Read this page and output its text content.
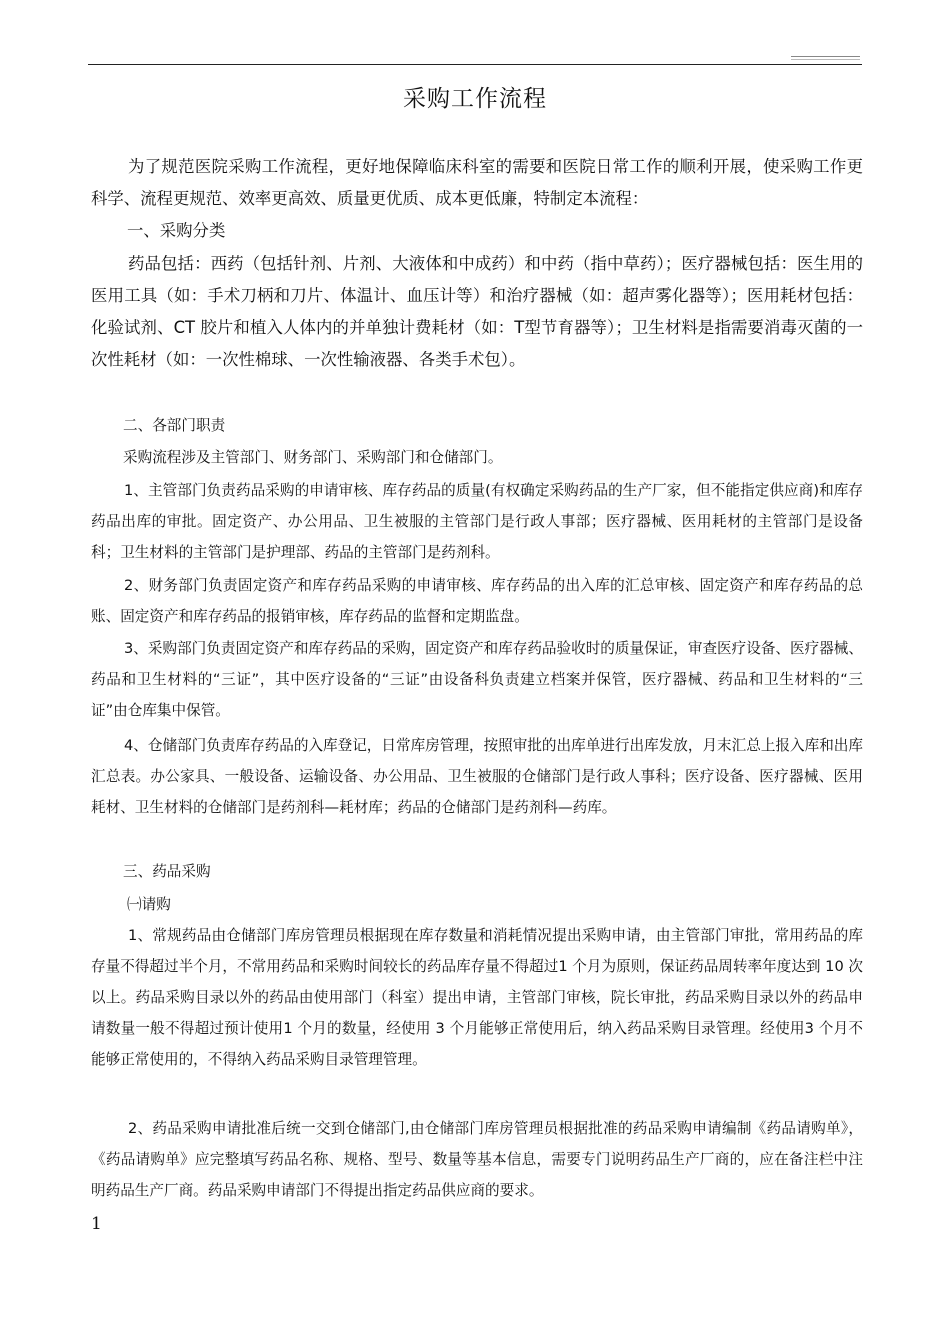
采购工作流程

为了规范医院采购工作流程，更好地保障临床科室的需要和医院日常工作的顺利开展，使采购工作更科学、流程更规范、效率更高效、质量更优质、成本更低廉，特制定本流程：

一、采购分类

药品包括：西药（包括针剂、片剂、大液体和中成药）和中药（指中草药）；医疗器械包括：医生用的医用工具（如：手术刀柄和刀片、体温计、血压计等）和治疗器械（如：超声雾化器等）；医用耗材包括：化验试剂、CT 胶片和植入人体内的并单独计费耗材（如：T型节育器等）；卫生材料是指需要消毒灭菌的一次性耗材（如：一次性棉球、一次性输液器、各类手术包）。

二、各部门职责

采购流程涉及主管部门、财务部门、采购部门和仓储部门。

1、主管部门负责药品采购的申请审核、库存药品的质量(有权确定采购药品的生产厂家，但不能指定供应商)和库存药品出库的审批。固定资产、办公用品、卫生被服的主管部门是行政人事部；医疗器械、医用耗材的主管部门是设备科；卫生材料的主管部门是护理部、药品的主管部门是药剂科。

2、财务部门负责固定资产和库存药品采购的申请审核、库存药品的出入库的汇总审核、固定资产和库存药品的总账、固定资产和库存药品的报销审核，库存药品的监督和定期监盘。

3、采购部门负责固定资产和库存药品的采购，固定资产和库存药品验收时的质量保证，审查医疗设备、医疗器械、药品和卫生材料的“三证”，其中医疗设备的“三证”由设备科负责建立档案并保管，医疗器械、药品和卫生材料的“三证”由仓库集中保管。

4、仓储部门负责库存药品的入库登记，日常库房管理，按照审批的出库单进行出库发放，月末汇总上报入库和出库汇总表。办公家具、一般设备、运输设备、办公用品、卫生被服的仓储部门是行政人事科；医疗设备、医疗器械、医用耗材、卫生材料的仓储部门是药剂科—耗材库；药品的仓储部门是药剂科—药库。

三、药品采购

㈠请购

1、常规药品由仓储部门库房管理员根据现在库存数量和消耗情况提出采购申请，由主管部门审批，常用药品的库存量不得超过半个月，不常用药品和采购时间较长的药品库存量不得超过1 个月为原则，保证药品周转率年度达到 10 次以上。药品采购目录以外的药品由使用部门（科室）提出申请，主管部门审核，院长审批，药品采购目录以外的药品申请数量一般不得超过预计使用1 个月的数量，经使用 3 个月能够正常使用后，纳入药品采购目录管理。经使用3 个月不能够正常使用的，不得纳入药品采购目录管理管理。

2、药品采购申请批准后统一交到仓储部门,由仓储部门库房管理员根据批准的药品采购申请编制《药品请购单》，《药品请购单》应完整填写药品名称、规格、型号、数量等基本信息，需要专门说明药品生产厂商的，应在备注栏中注明药品生产厂商。药品采购申请部门不得提出指定药品供应商的要求。

1
